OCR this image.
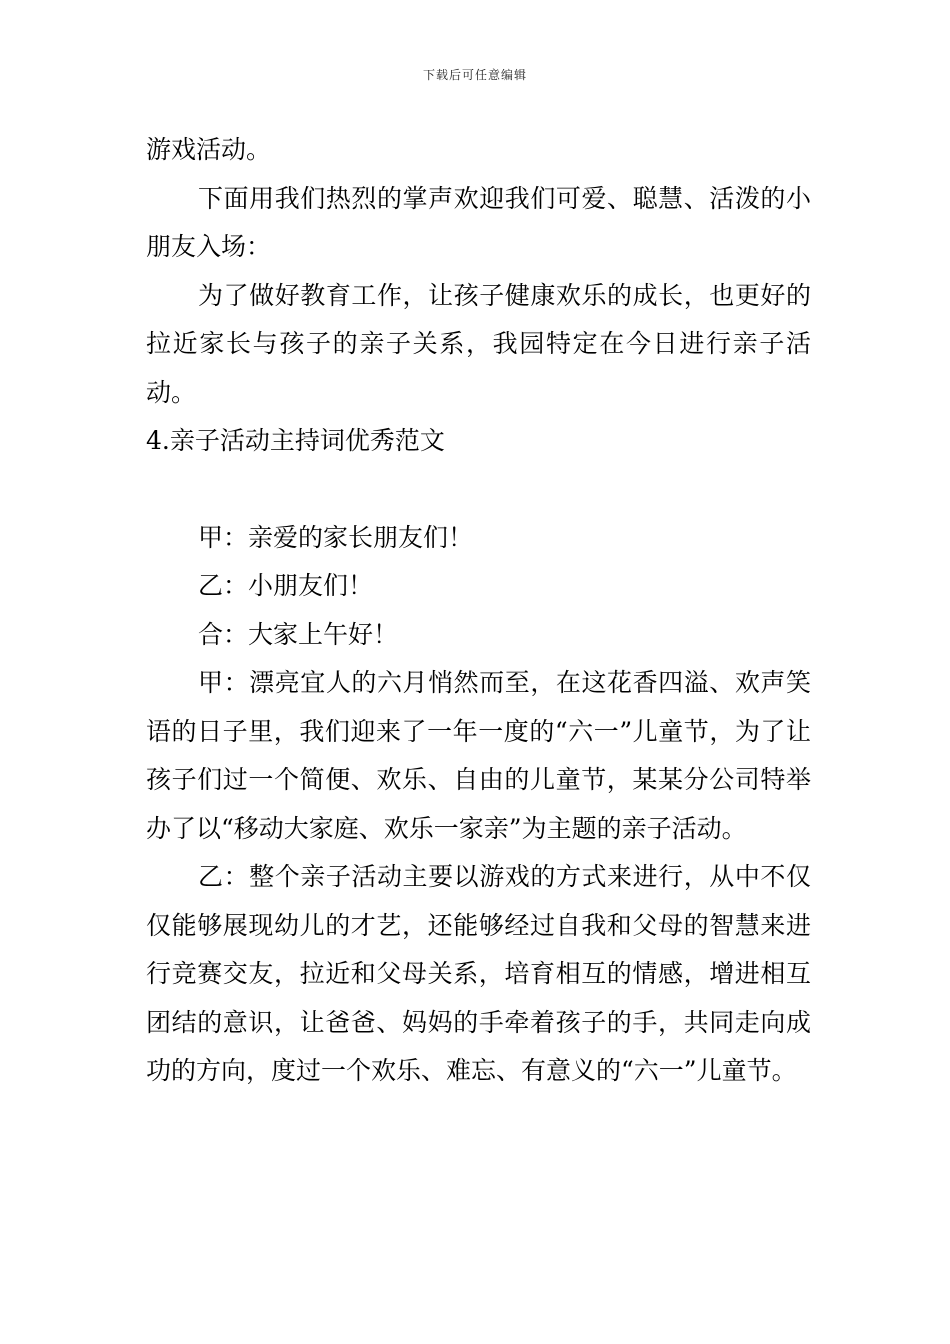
下载后可任意编辑

游戏活动。

下面用我们热烈的掌声欢迎我们可爱、聪慧、活泼的小朋友入场：

为了做好教育工作，让孩子健康欢乐的成长，也更好的拉近家长与孩子的亲子关系，我园特定在今日进行亲子活动。

4.亲子活动主持词优秀范文

甲：亲爱的家长朋友们！

乙：小朋友们！

合：大家上午好！

甲：漂亮宜人的六月悄然而至，在这花香四溢、欢声笑语的日子里，我们迎来了一年一度的“六一”儿童节，为了让孩子们过一个简便、欢乐、自由的儿童节，某某分公司特举办了以“移动大家庭、欢乐一家亲”为主题的亲子活动。

乙：整个亲子活动主要以游戏的方式来进行，从中不仅仅能够展现幼儿的才艺，还能够经过自我和父母的智慧来进行竞赛交友，拉近和父母关系，培育相互的情感，增进相互团结的意识，让爸爸、妈妈的手牵着孩子的手，共同走向成功的方向，度过一个欢乐、难忘、有意义的“六一”儿童节。
